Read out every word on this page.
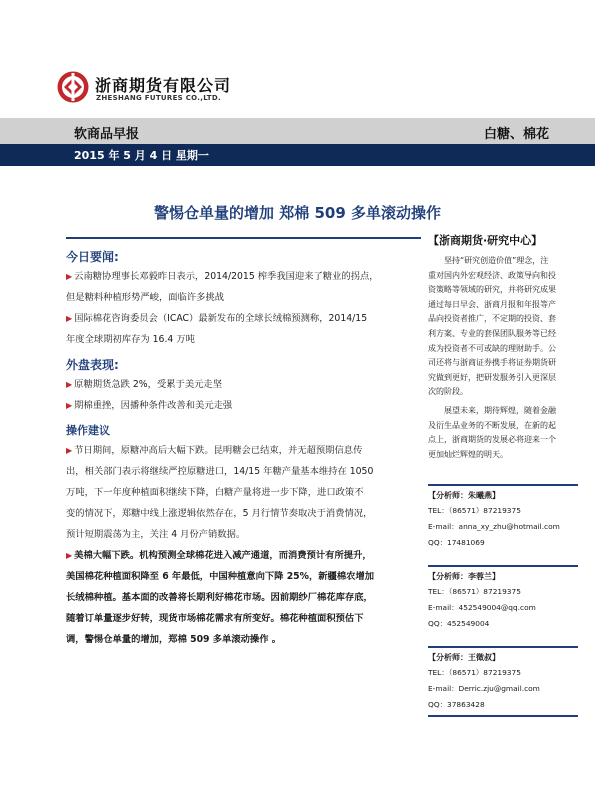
浙商期货有限公司
ZHESHANG FUTURES CO.,LTD.
软商品早报	白糖、棉花
2015 年 5 月 4 日 星期一
警惕仓单量的增加 郑棉 509 多单滚动操作
今日要闻:
▶ 云南糖协理事长邓毅昨日表示，2014/2015 榨季我国迎来了糖业的拐点，
但是糖料种植形势严峻，面临许多挑战
▶ 国际棉花咨询委员会（ICAC）最新发布的全球长绒棉预测称，2014/15
年度全球期初库存为 16.4 万吨
外盘表现:
▶ 原糖期货急跌 2%，受累于美元走坚
▶ 期棉重挫，因播种条件改善和美元走强
操作建议
▶ 节日期间，原糖冲高后大幅下跌。昆明糖会已结束，并无超预期信息传
出，相关部门表示将继续严控原糖进口，14/15 年糖产量基本维持在 1050
万吨，下一年度种植面积继续下降，白糖产量将进一步下降，进口政策不
变的情况下，郑糖中线上涨逻辑依然存在，5 月行情节奏取决于消费情况，
预计短期震荡为主，关注 4 月份产销数据。
▶ 美棉大幅下跌。机构预测全球棉花进入减产通道，而消费预计有所提升，
美国棉花种植面积降至 6 年最低，中国种植意向下降 25%，新疆棉农增加
长绒棉种植。基本面的改善将长期利好棉花市场。因前期纱厂棉花库存底，
随着订单量逐步好转，现货市场棉花需求有所变好。棉花种植面积预估下
调，警惕仓单量的增加，郑棉 509 多单滚动操作 。
【浙商期货·研究中心】
坚持“研究创造价值”理念，注
重对国内外宏观经济、政策导向和投
资策略等领域的研究，并将研究成果
通过每日早会、浙商月报和年报等产
品向投资者推广，不定期的投资、套
利方案、专业的套保团队服务等已经
成为投资者不可或缺的理财助手。公
司还将与浙商证券携手将证券期货研
究做到更好，把研发服务引入更深层
次的阶段。
展望未来，期待辉煌，随着金融
及衍生品业务的不断发展，在新的起
点上，浙商期货的发展必将迎来一个
更加灿烂辉煌的明天。
【分析师：朱曦燕】
TEL：（86571）87219375
E-mail：anna_xy_zhu@hotmail.com
QQ：17481069
【分析师：李蓉兰】
TEL：（86571）87219375
E-mail：452549004@qq.com
QQ：452549004
【分析师：王徵叔】
TEL：（86571）87219375
E-mail：Derric.zju@gmail.com
QQ：37863428
